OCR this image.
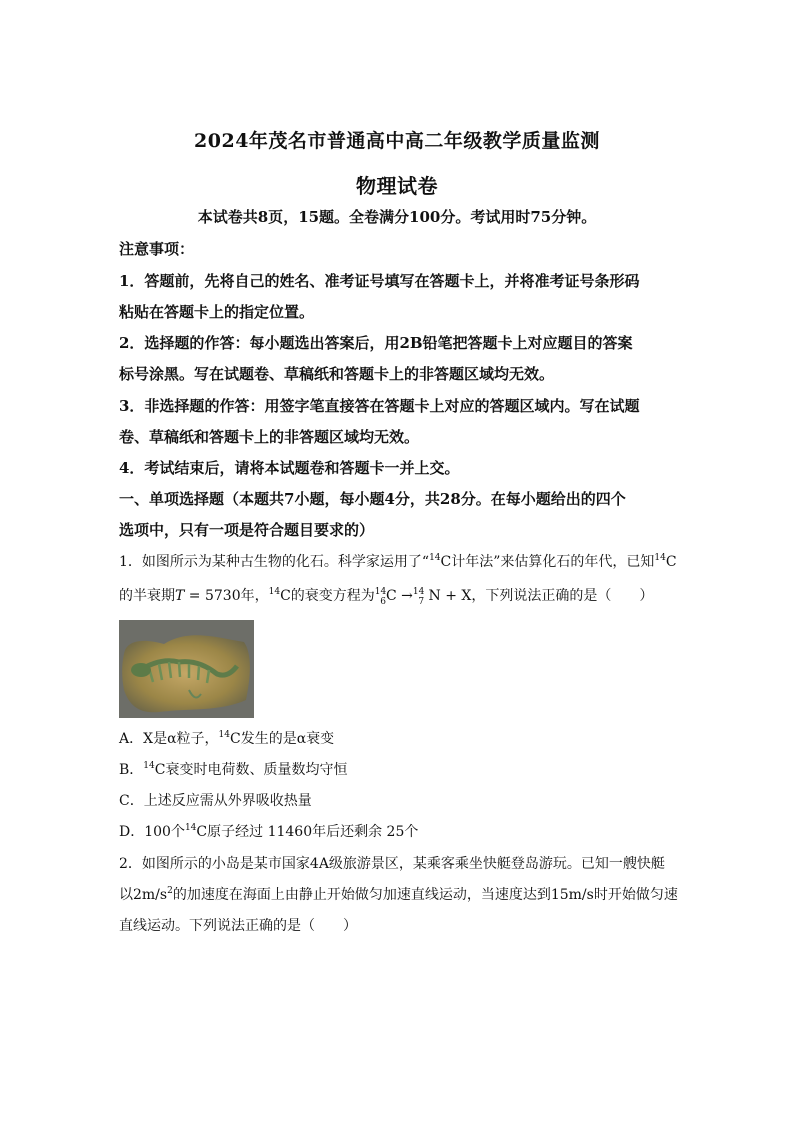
2024年茂名市普通高中高二年级教学质量监测
物理试卷
本试卷共8页，15题。全卷满分100分。考试用时75分钟。
注意事项：
1．答题前，先将自己的姓名、准考证号填写在答题卡上，并将准考证号条形码
粘贴在答题卡上的指定位置。
2．选择题的作答：每小题选出答案后，用2B铅笔把答题卡上对应题目的答案
标号涂黑。写在试题卷、草稿纸和答题卡上的非答题区域均无效。
3．非选择题的作答：用签字笔直接答在答题卡上对应的答题区域内。写在试题
卷、草稿纸和答题卡上的非答题区域均无效。
4．考试结束后，请将本试题卷和答题卡一并上交。
一、单项选择题（本题共7小题，每小题4分，共28分。在每小题给出的四个
选项中，只有一项是符合题目要求的）
1．如图所示为某种古生物的化石。科学家运用了“$^{14}$C计年法”来估算化石的年代，已知$^{14}$C
的半衰期T = 5730年，$^{14}$C的衰变方程为$^{14}_6$C →$^{14}_7$ N + X，下列说法正确的是（　　）
A．X是α粒子，$^{14}$C发生的是α衰变
B．$^{14}$C衰变时电荷数、质量数均守恒
C．上述反应需从外界吸收热量
D．100个$^{14}$C原子经过 11460年后还剩余 25个
2．如图所示的小岛是某市国家4A级旅游景区，某乘客乘坐快艇登岛游玩。已知一艘快艇
以$2m/s^2$的加速度在海面上由静止开始做匀加速直线运动，当速度达到15m/s时开始做匀速
直线运动。下列说法正确的是（　　）
